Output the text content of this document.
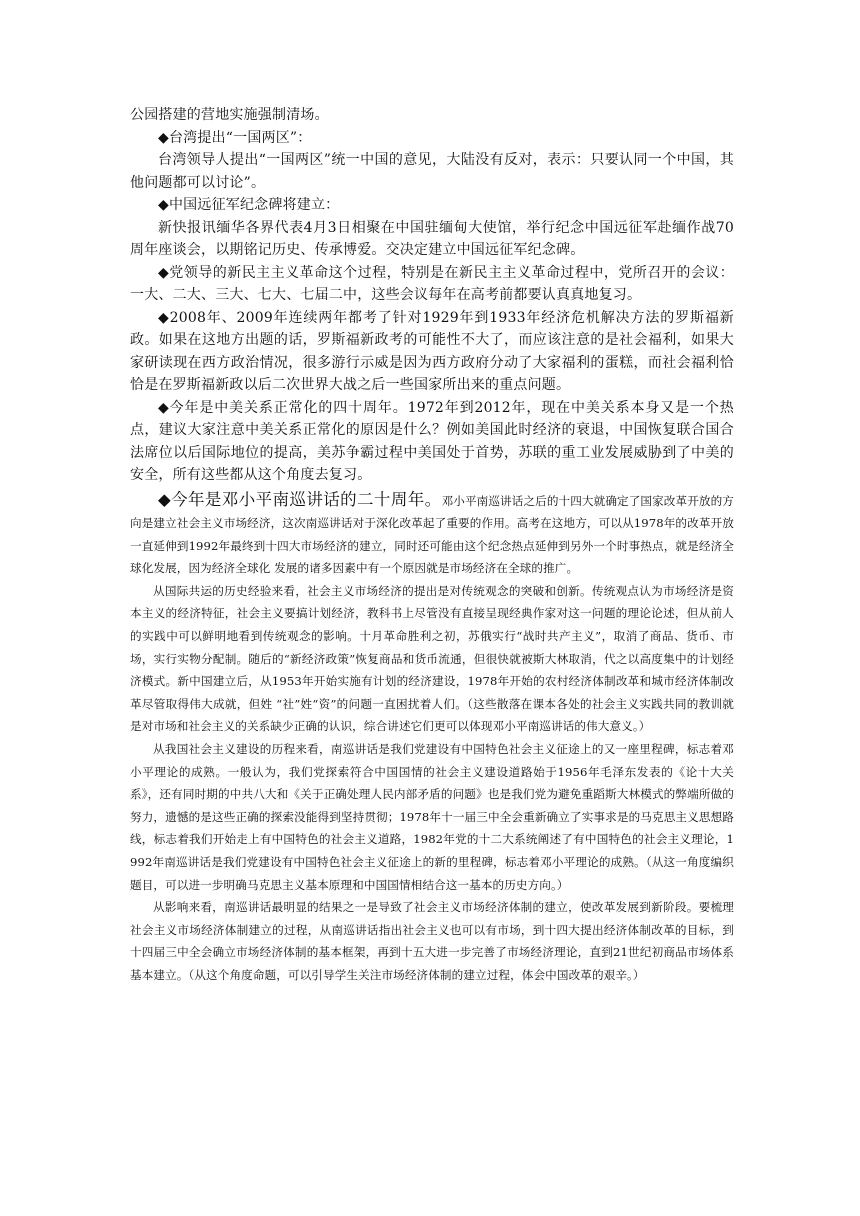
公园搭建的营地实施强制清场。

◆台湾提出“一国两区”：

台湾领导人提出“一国两区”统一中国的意见，大陆没有反对，表示：只要认同一个中国，其他问题都可以讨论”。

◆中国远征军纪念碑将建立：

新快报讯缅华各界代表4月3日相聚在中国驻缅甸大使馆，举行纪念中国远征军赴缅作战70周年座谈会，以期铭记历史、传承博爱。交决定建立中国远征军纪念碑。

◆党领导的新民主主义革命这个过程，特别是在新民主主义革命过程中，党所召开的会议：一大、二大、三大、七大、七届二中，这些会议每年在高考前都要认真真地复习。

◆2008年、2009年连续两年都考了针对1929年到1933年经济危机解决方法的罗斯福新政。如果在这地方出题的话，罗斯福新政考的可能性不大了，而应该注意的是社会福利，如果大家研读现在西方政治情况，很多游行示威是因为西方政府分动了大家福利的蛋糕，而社会福利恰恰是在罗斯福新政以后二次世界大战之后一些国家所出来的重点问题。

◆今年是中美关系正常化的四十周年。1972年到2012年，现在中美关系本身又是一个热点，建议大家注意中美关系正常化的原因是什么？例如美国此时经济的衰退，中国恢复联合国合法席位以后国际地位的提高，美苏争霸过程中美国处于首势，苏联的重工业发展威胁到了中美的安全，所有这些都从这个角度去复习。

◆今年是邓小平南巡讲话的二十周年。邓小平南巡讲话之后的十四大就确定了国家改革开放的方向是建立社会主义市场经济，这次南巡讲话对于深化改革起了重要的作用。高考在这地方，可以从1978年的改革开放一直延伸到1992年最终到十四大市场经济的建立，同时还可能由这个纪念热点延伸到另外一个时事热点，就是经济全球化发展，因为经济全球化 发展的诸多因素中有一个原因就是市场经济在全球的推广。

从国际共运的历史经验来看，社会主义市场经济的提出是对传统观念的突破和创新。传统观点认为市场经济是资本主义的经济特征，社会主义要搞计划经济，教科书上尽管没有直接呈现经典作家对这一问题的理论论述，但从前人的实践中可以鲜明地看到传统观念的影响。十月革命胜利之初，苏俄实行“战时共产主义”，取消了商品、货币、市场，实行实物分配制。随后的“新经济政策”恢复商品和货币流通，但很快就被斯大林取消，代之以高度集中的计划经济模式。新中国建立后，从1953年开始实施有计划的经济建设，1978年开始的农村经济体制改革和城市经济体制改革尽管取得伟大成就，但姓 “社”姓“资”的问题一直困扰着人们。（这些散落在课本各处的社会主义实践共同的教训就是对市场和社会主义的关系缺少正确的认识，综合讲述它们更可以体现邓小平南巡讲话的伟大意义。）

从我国社会主义建设的历程来看，南巡讲话是我们党建设有中国特色社会主义征途上的又一座里程碑，标志着邓小平理论的成熟。一般认为，我们党探索符合中国国情的社会主义建设道路始于1956年毛泽东发表的《论十大关系》，还有同时期的中共八大和《关于正确处理人民内部矛盾的问题》也是我们党为避免重蹈斯大林模式的弊端所做的努力，遗憾的是这些正确的探索没能得到坚持贯彻；1978年十一届三中全会重新确立了实事求是的马克思主义思想路线，标志着我们开始走上有中国特色的社会主义道路，1982年党的十二大系统阐述了有中国特色的社会主义理论，1992年南巡讲话是我们党建设有中国特色社会主义征途上的新的里程碑，标志着邓小平理论的成熟。（从这一角度编织题目，可以进一步明确马克思主义基本原理和中国国情相结合这一基本的历史方向。）

从影响来看，南巡讲话最明显的结果之一是导致了社会主义市场经济体制的建立，使改革发展到新阶段。要梳理社会主义市场经济体制建立的过程，从南巡讲话指出社会主义也可以有市场，到十四大提出经济体制改革的目标，到十四届三中全会确立市场经济体制的基本框架，再到十五大进一步完善了市场经济理论，直到21世纪初商品市场体系基本建立。（从这个角度命题，可以引导学生关注市场经济体制的建立过程，体会中国改革的艰辛。）
